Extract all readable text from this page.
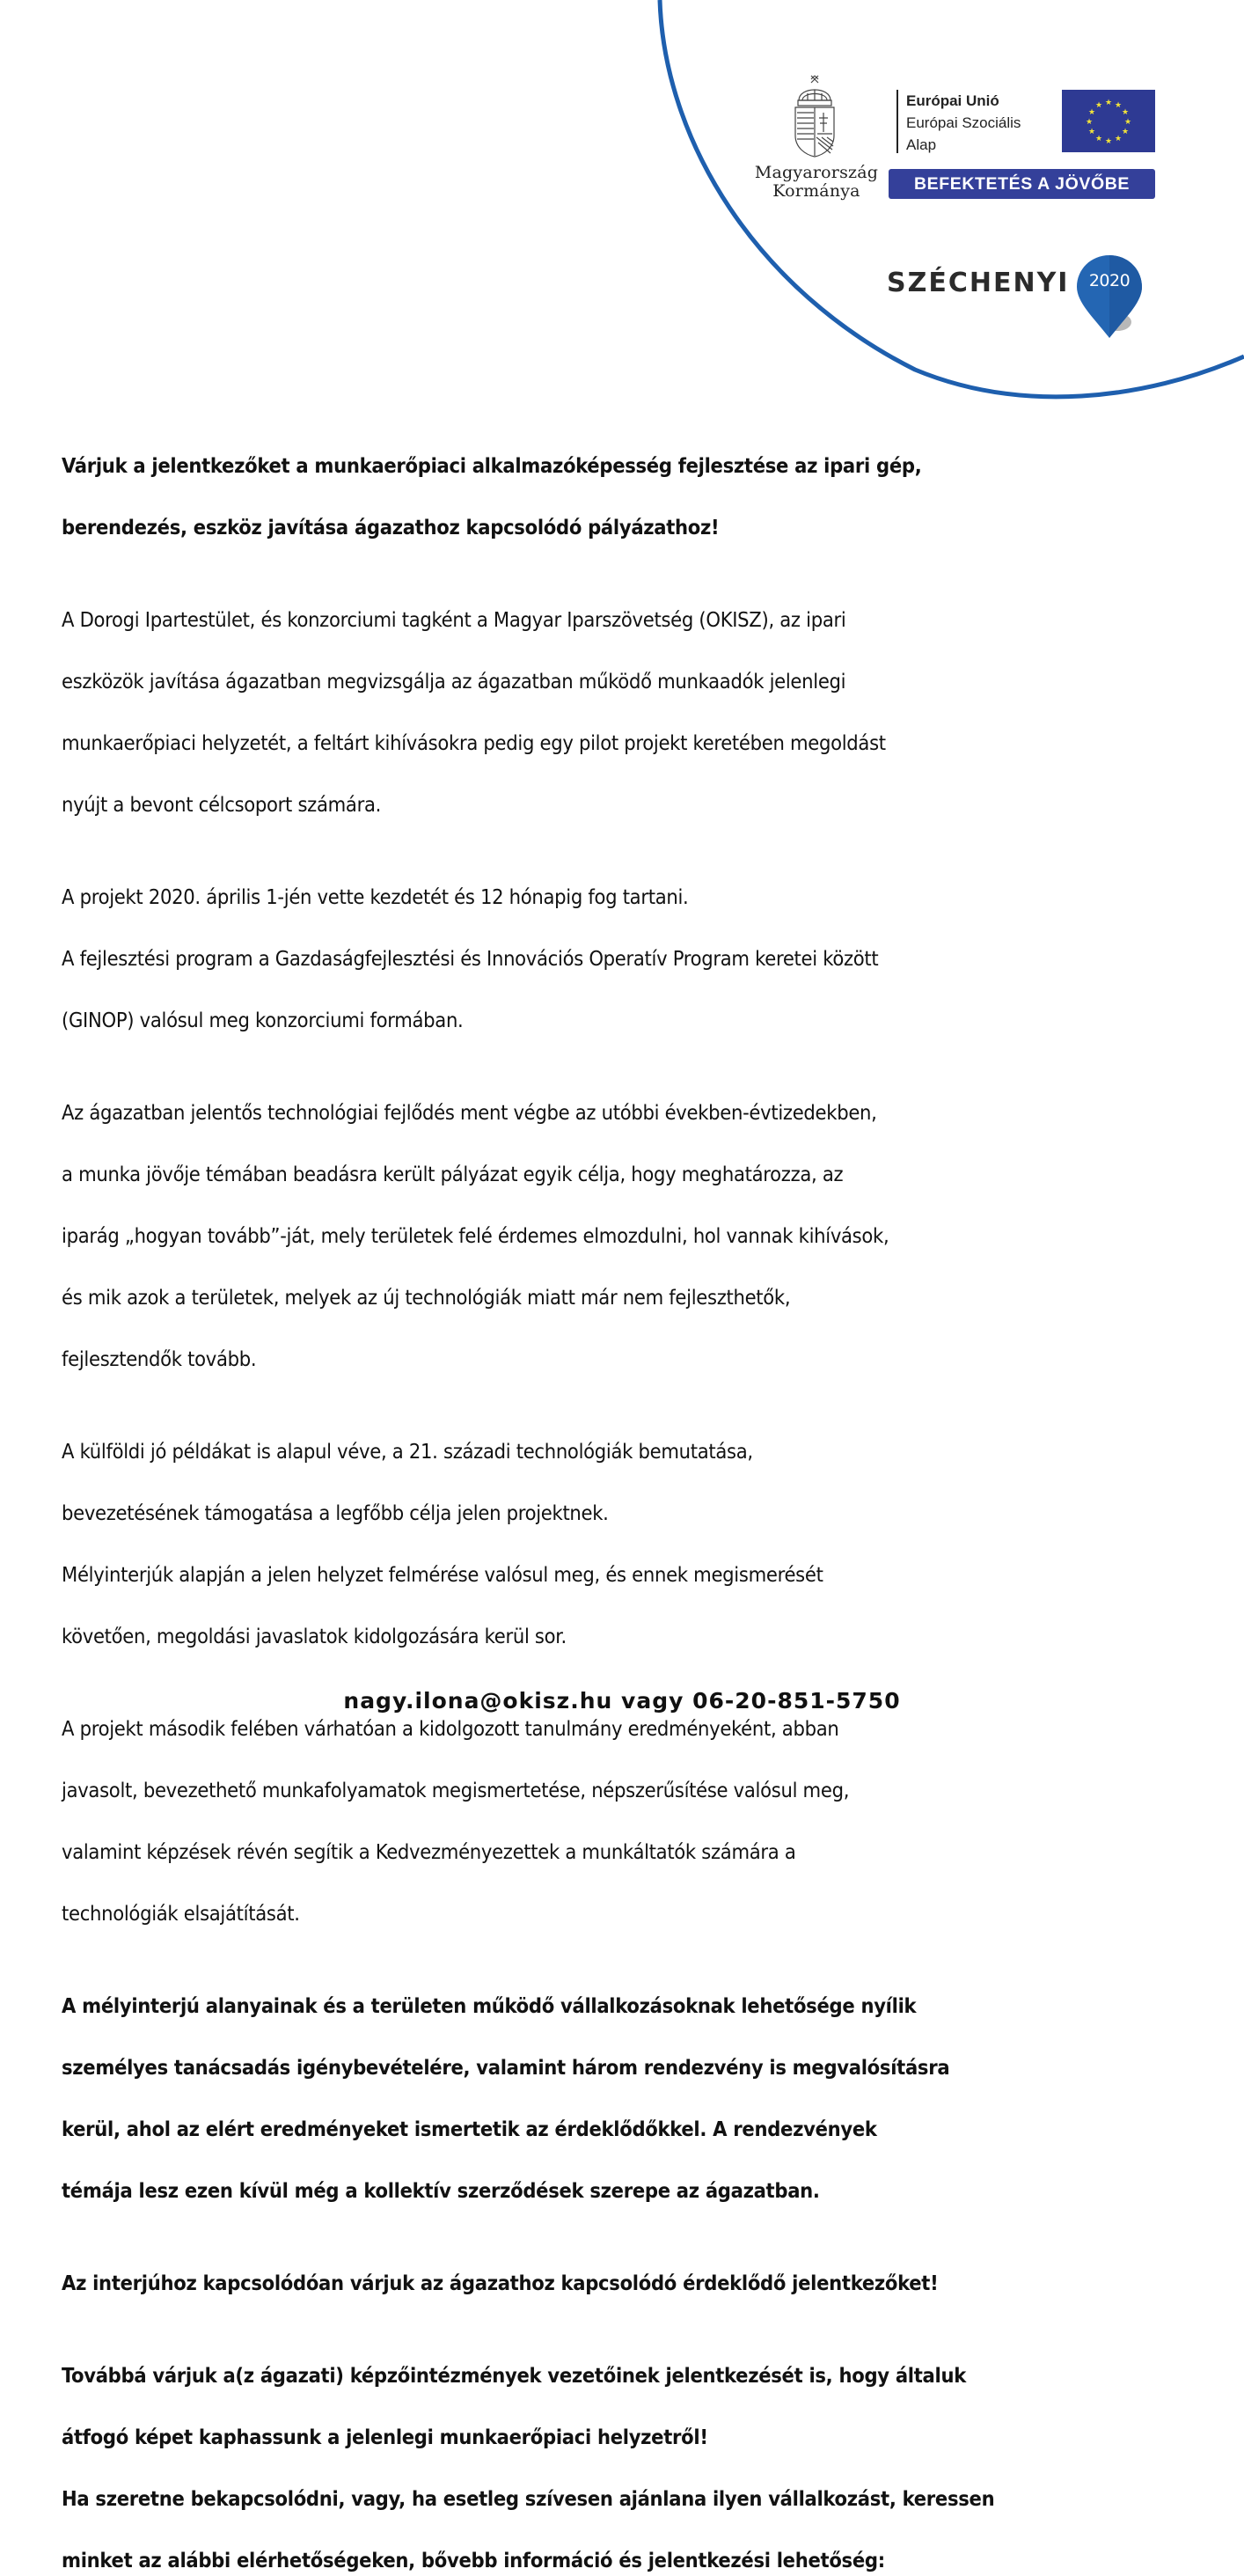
Magyarország
Kormánya
Európai Unió
Európai Szociális
Alap
★ ★
★
★
★
★
★
★
★
★
★
★
BEFEKTETÉS A JÖVŐBE
SZÉCHENYI	2020

Várjuk a jelentkezőket a munkaerőpiaci alkalmazóképesség fejlesztése az ipari gép,

berendezés, eszköz javítása ágazathoz kapcsolódó pályázathoz!

A Dorogi Ipartestület, és konzorciumi tagként a Magyar Iparszövetség (OKISZ), az ipari

eszközök javítása ágazatban megvizsgálja az ágazatban működő munkaadók jelenlegi

munkaerőpiaci helyzetét, a feltárt kihívásokra pedig egy pilot projekt keretében megoldást

nyújt a bevont célcsoport számára.

A projekt 2020. április 1-jén vette kezdetét és 12 hónapig fog tartani.

A fejlesztési program a Gazdaságfejlesztési és Innovációs Operatív Program keretei között

(GINOP) valósul meg konzorciumi formában.

Az ágazatban jelentős technológiai fejlődés ment végbe az utóbbi években-évtizedekben,

a munka jövője témában beadásra került pályázat egyik célja, hogy meghatározza, az

iparág „hogyan tovább”-ját, mely területek felé érdemes elmozdulni, hol vannak kihívások,

és mik azok a területek, melyek az új technológiák miatt már nem fejleszthetők,

fejlesztendők tovább.

A külföldi jó példákat is alapul véve, a 21. századi technológiák bemutatása,

bevezetésének támogatása a legfőbb célja jelen projektnek.

Mélyinterjúk alapján a jelen helyzet felmérése valósul meg, és ennek megismerését

követően, megoldási javaslatok kidolgozására kerül sor.

A projekt második felében várhatóan a kidolgozott tanulmány eredményeként, abban

javasolt, bevezethető munkafolyamatok megismertetése, népszerűsítése valósul meg,

valamint képzések révén segítik a Kedvezményezettek a munkáltatók számára a

technológiák elsajátítását.

A mélyinterjú alanyainak és a területen működő vállalkozásoknak lehetősége nyílik

személyes tanácsadás igénybevételére, valamint három rendezvény is megvalósításra

kerül, ahol az elért eredményeket ismertetik az érdeklődőkkel. A rendezvények

témája lesz ezen kívül még a kollektív szerződések szerepe az ágazatban.

Az interjúhoz kapcsolódóan várjuk az ágazathoz kapcsolódó érdeklődő jelentkezőket!

Továbbá várjuk a(z ágazati) képzőintézmények vezetőinek jelentkezését is, hogy általuk

átfogó képet kaphassunk a jelenlegi munkaerőpiaci helyzetről!

Ha szeretne bekapcsolódni, vagy, ha esetleg szívesen ajánlana ilyen vállalkozást, keressen

minket az alábbi elérhetőségeken, bővebb információ és jelentkezési lehetőség:

nagy.ilona@okisz.hu vagy 06-20-851-5750
